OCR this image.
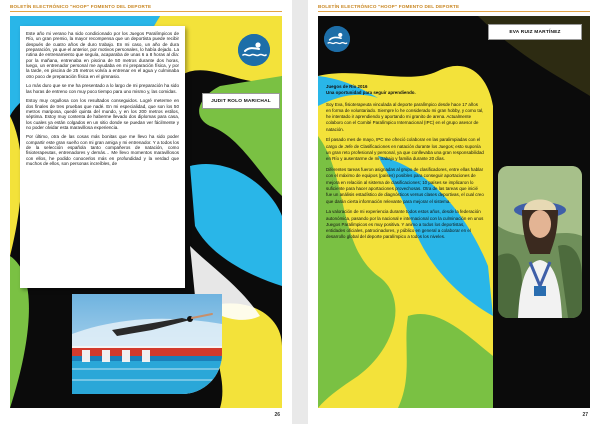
BOLETÍN ELECTRÓNICO "HOOP" FOMENTO DEL DEPORTE

Este año mi verano ha sido condicionado por los Juegos Paralímpicos de Río, un gran premio, la mayor recompensa que un deportista puede recibir después de cuatro años de duro trabajo. En mi caso, un año de dura preparación, ya que el anterior, por motivos personales, lo había dejado. La rutina de entrenamiento que seguía, acaparaba de unas 6 a 8 horas al día: por la mañana, entrenaba en piscina de 50 metros durante dos horas, luego, un entrenador personal me ayudaba en mi preparación física, y por la tarde, en piscina de 25 metros volvía a entrenar en el agua y culminaba otro poco de preparación física en el gimnasio.

Lo más duro que se me ha presentado a lo largo de mi preparación ha sido las horas de entreno con muy poco tiempo para uno mismo y, las comidas.

Estoy muy orgullosa con los resultados conseguidos. Logré meterme en dos finales de tres pruebas que nadé. En mi especialidad, que son los 50 metros mariposa, quedé quinta del mundo, y en los 200 metros estilos, séptima. Estoy muy contenta de haberme llevado dos diplomas para casa, los cuales ya están colgados en un sitio donde se puedan ver fácilmente y no poder olvidar esta maravillosa experiencia.

Por último, otra de las cosas más bonitas que me llevo ha sido poder compartir este gran sueño con mi gran amiga y mi entrenador. Y a todos los de la selección española tanto compañeros de natación, como fisioterapeutas, entrenadores y demás… Me llevo momentos maravillosos con ellos, he podido conocerlos más en profundidad y la verdad que muchos de ellos, son personas increíbles, de

JUDIT ROLO MARICHAL
26
BOLETÍN ELECTRÓNICO "HOOP" FOMENTO DEL DEPORTE
EVA RUIZ MARTÍNEZ

Juegos de Río 2016
Una oportunidad para seguir aprendiendo.

Soy Eva, fisioterapeuta vinculada al deporte paralímpico desde hace 17 años en forma de voluntariado. Siempre lo he considerado mi gran hobby, y como tal, he intentado ir aprendiendo y aportando mi granito de arena. Actualmente colaboro con el Comité Paralímpico Internacional (IPC) en el grupo asesor de natación.

El pasado mes de mayo, IPC me ofreció colaborar en las paralimpiadas con el cargo de Jefe de Clasificaciones en natación durante los Juegos; esto suponía un gran reto profesional y personal, ya que conllevaba una gran responsabilidad en Río y ausentarme de mi trabajo y familia durante 20 días.

Diferentes tareas fueron asignadas al grupo de clasificadores, entre ellas hablar con el máximo de equipos (países) posibles para conseguir aportaciones de mejora en relación al sistema de clasificaciones; 10 países se implicaron lo suficiente para hacer aportaciones provechosas. Otra de las tareas que inicié fue un análisis estadístico de diagnósticos versus clases deportivas, el cual creo que darán cierta información relevante para mejorar el sistema.

La valoración de mi experiencia durante todos estos años, desde la federación autonómica, pasando por la nacional e internacional con la culminación en unos Juegos Paralímpicos es muy positiva. Y animo a todos los deportistas, entidades oficiales, patrocinadores, y público en general a colaborar en el desarrollo global del deporte paralímpico a todos los niveles.

27
